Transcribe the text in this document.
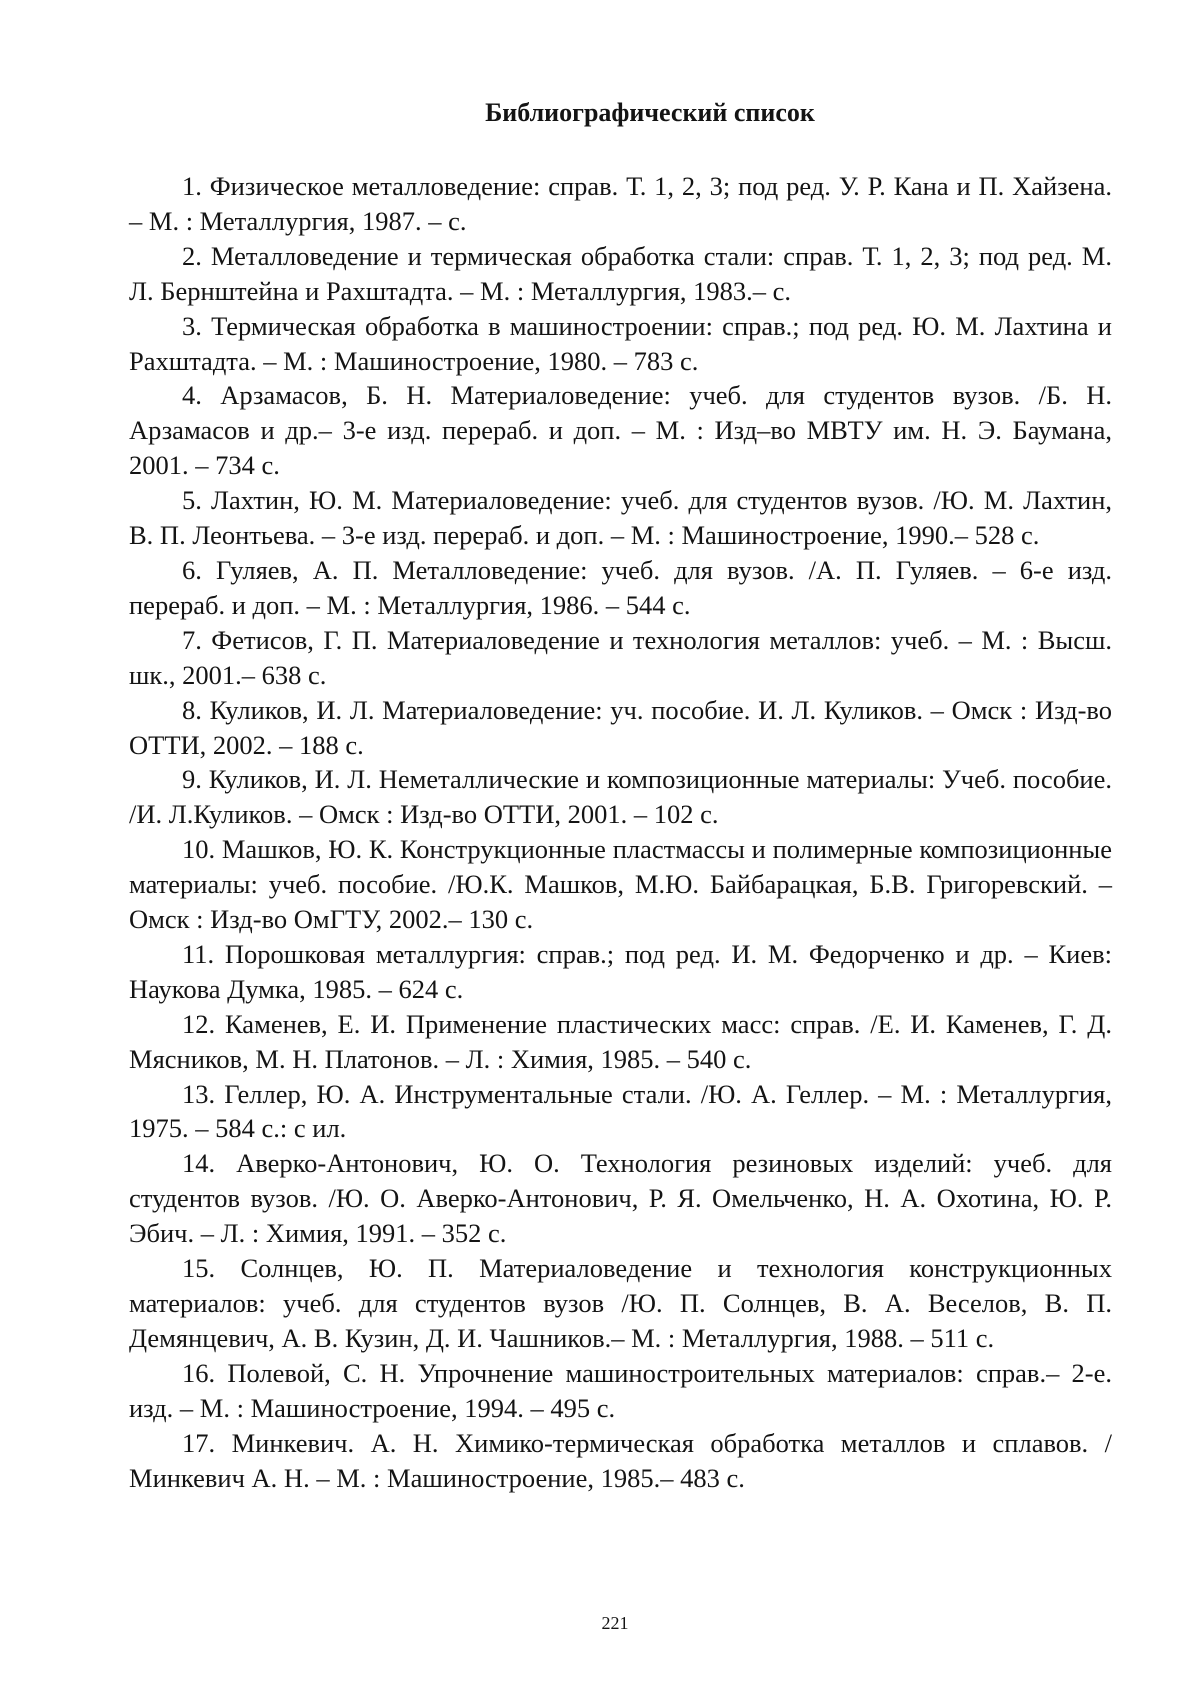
Библиографический список
1. Физическое металловедение: справ. Т. 1, 2, 3; под ред. У. Р. Кана и П. Хайзена. – М. : Металлургия, 1987. – с.
2. Металловедение и термическая обработка стали: справ. Т. 1, 2, 3; под ред. М. Л. Бернштейна и Рахштадта. – М. : Металлургия, 1983.– с.
3. Термическая обработка в машиностроении: справ.; под ред. Ю. М. Лахтина и Рахштадта. – М. : Машиностроение, 1980. – 783 с.
4. Арзамасов, Б. Н. Материаловедение: учеб. для студентов вузов. /Б. Н. Арзамасов и др.– 3-е изд. перераб. и доп. – М. : Изд–во МВТУ им. Н. Э. Баумана, 2001. – 734 с.
5. Лахтин, Ю. М. Материаловедение: учеб. для студентов вузов. /Ю. М. Лахтин, В. П. Леонтьева. – 3-е изд. перераб. и доп. – М. : Машиностроение, 1990.– 528 с.
6. Гуляев, А. П. Металловедение: учеб. для вузов. /А. П. Гуляев. – 6-е изд. перераб. и доп. – М. : Металлургия, 1986. – 544 с.
7. Фетисов, Г. П. Материаловедение и технология металлов: учеб. – М. : Высш. шк., 2001.– 638 с.
8. Куликов, И. Л. Материаловедение: уч. пособие. И. Л. Куликов. – Омск : Изд-во ОТТИ, 2002. – 188 с.
9. Куликов, И. Л. Неметаллические и композиционные материалы: Учеб. пособие. /И. Л.Куликов. – Омск : Изд-во ОТТИ, 2001. – 102 с.
10. Машков, Ю. К. Конструкционные пластмассы и полимерные композиционные материалы: учеб. пособие. /Ю.К. Машков, М.Ю. Байбарацкая, Б.В. Григоревский. – Омск : Изд-во ОмГТУ, 2002.– 130 с.
11. Порошковая металлургия: справ.; под ред. И. М. Федорченко и др. – Киев: Наукова Думка, 1985. – 624 с.
12. Каменев, Е. И. Применение пластических масс: справ. /Е. И. Каменев, Г. Д. Мясников, М. Н. Платонов. – Л. : Химия, 1985. – 540 с.
13. Геллер, Ю. А. Инструментальные стали. /Ю. А. Геллер. – М. : Металлургия, 1975. – 584 с.: с ил.
14. Аверко-Антонович, Ю. О. Технология резиновых изделий: учеб. для студентов вузов. /Ю. О. Аверко-Антонович, Р. Я. Омельченко, Н. А. Охотина, Ю. Р. Эбич. – Л. : Химия, 1991. – 352 с.
15. Солнцев, Ю. П. Материаловедение и технология конструкционных материалов: учеб. для студентов вузов /Ю. П. Солнцев, В. А. Веселов, В. П. Демянцевич, А. В. Кузин, Д. И. Чашников.– М. : Металлургия, 1988. – 511 с.
16. Полевой, С. Н. Упрочнение машиностроительных материалов: справ.– 2-е. изд. – М. : Машиностроение, 1994. – 495 с.
17. Минкевич. А. Н. Химико-термическая обработка металлов и сплавов. /Минкевич А. Н. – М. : Машиностроение, 1985.– 483 с.
221
